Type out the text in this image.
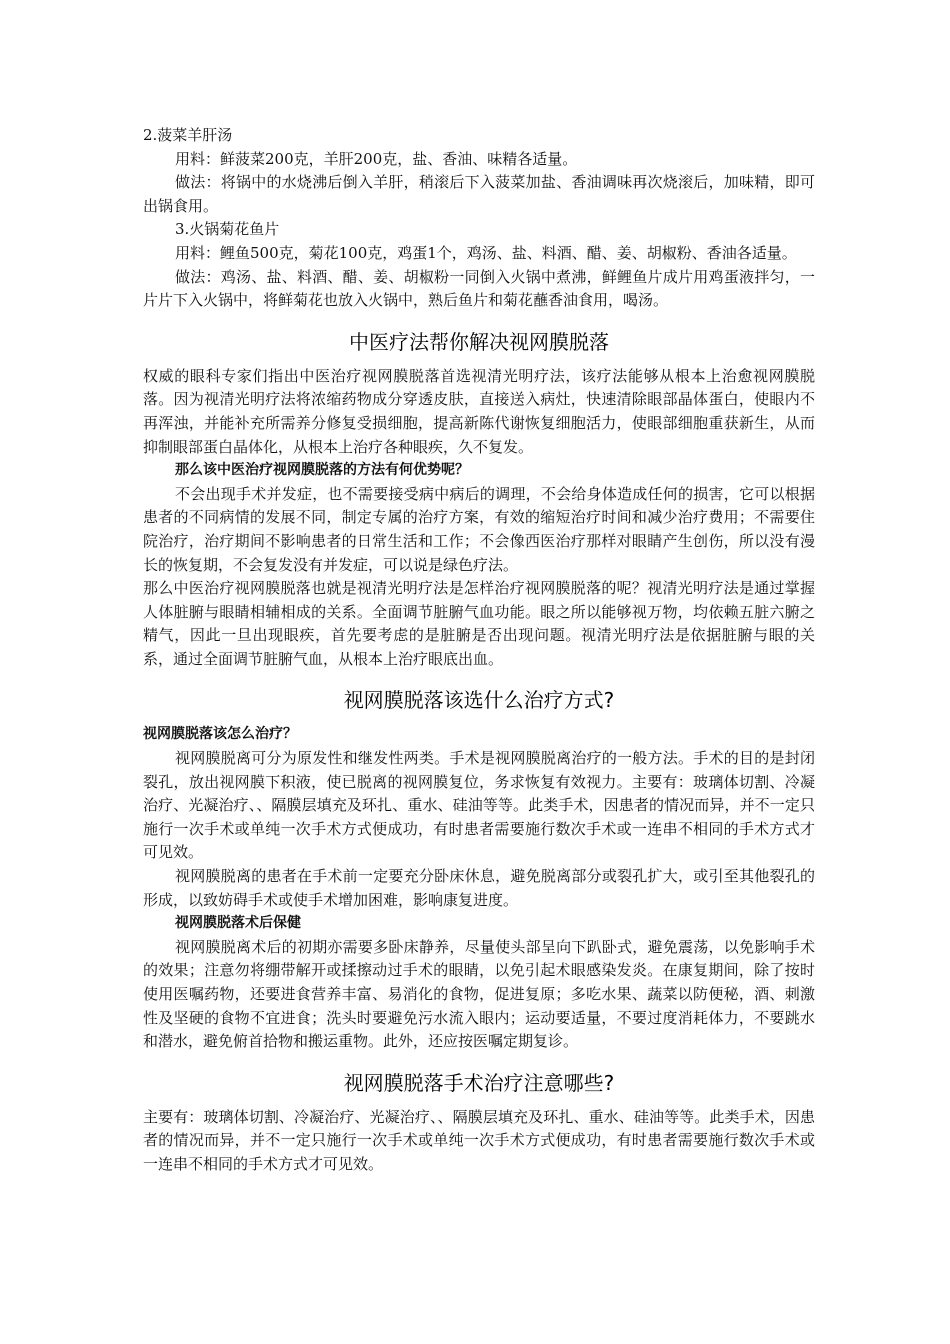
2.菠菜羊肝汤

用料：鲜菠菜200克，羊肝200克，盐、香油、味精各适量。

做法：将锅中的水烧沸后倒入羊肝，稍滚后下入菠菜加盐、香油调味再次烧滚后，加味精，即可出锅食用。

3.火锅菊花鱼片

用料：鲤鱼500克，菊花100克，鸡蛋1个，鸡汤、盐、料酒、醋、姜、胡椒粉、香油各适量。

做法：鸡汤、盐、料酒、醋、姜、胡椒粉一同倒入火锅中煮沸，鲜鲤鱼片成片用鸡蛋液拌匀，一片片下入火锅中，将鲜菊花也放入火锅中，熟后鱼片和菊花蘸香油食用，喝汤。

中医疗法帮你解决视网膜脱落

权威的眼科专家们指出中医治疗视网膜脱落首选视清光明疗法，该疗法能够从根本上治愈视网膜脱落。因为视清光明疗法将浓缩药物成分穿透皮肤，直接送入病灶，快速清除眼部晶体蛋白，使眼内不再浑浊，并能补充所需养分修复受损细胞，提高新陈代谢恢复细胞活力，使眼部细胞重获新生，从而抑制眼部蛋白晶体化，从根本上治疗各种眼疾，久不复发。

那么该中医治疗视网膜脱落的方法有何优势呢？

不会出现手术并发症，也不需要接受病中病后的调理，不会给身体造成任何的损害，它可以根据患者的不同病情的发展不同，制定专属的治疗方案，有效的缩短治疗时间和减少治疗费用；不需要住院治疗，治疗期间不影响患者的日常生活和工作；不会像西医治疗那样对眼睛产生创伤，所以没有漫长的恢复期，不会复发没有并发症，可以说是绿色疗法。

那么中医治疗视网膜脱落也就是视清光明疗法是怎样治疗视网膜脱落的呢？视清光明疗法是通过掌握人体脏腑与眼睛相辅相成的关系。全面调节脏腑气血功能。眼之所以能够视万物，均依赖五脏六腑之精气，因此一旦出现眼疾，首先要考虑的是脏腑是否出现问题。视清光明疗法是依据脏腑与眼的关系，通过全面调节脏腑气血，从根本上治疗眼底出血。

视网膜脱落该选什么治疗方式?

视网膜脱落该怎么治疗？

视网膜脱离可分为原发性和继发性两类。手术是视网膜脱离治疗的一般方法。手术的目的是封闭裂孔，放出视网膜下积液，使已脱离的视网膜复位，务求恢复有效视力。主要有：玻璃体切割、冷凝治疗、光凝治疗、、隔膜层填充及环扎、重水、硅油等等。此类手术，因患者的情况而异，并不一定只施行一次手术或单纯一次手术方式便成功，有时患者需要施行数次手术或一连串不相同的手术方式才可见效。

视网膜脱离的患者在手术前一定要充分卧床休息，避免脱离部分或裂孔扩大，或引至其他裂孔的形成，以致妨碍手术或使手术增加困难，影响康复进度。

视网膜脱落术后保健

视网膜脱离术后的初期亦需要多卧床静养，尽量使头部呈向下趴卧式，避免震荡，以免影响手术的效果；注意勿将绷带解开或揉擦动过手术的眼睛，以免引起术眼感染发炎。在康复期间，除了按时使用医嘱药物，还要进食营养丰富、易消化的食物，促进复原；多吃水果、蔬菜以防便秘，酒、刺激性及坚硬的食物不宜进食；洗头时要避免污水流入眼内；运动要适量，不要过度消耗体力，不要跳水和潜水，避免俯首拾物和搬运重物。此外，还应按医嘱定期复诊。

视网膜脱落手术治疗注意哪些?

主要有：玻璃体切割、冷凝治疗、光凝治疗、、隔膜层填充及环扎、重水、硅油等等。此类手术，因患者的情况而异，并不一定只施行一次手术或单纯一次手术方式便成功，有时患者需要施行数次手术或一连串不相同的手术方式才可见效。
